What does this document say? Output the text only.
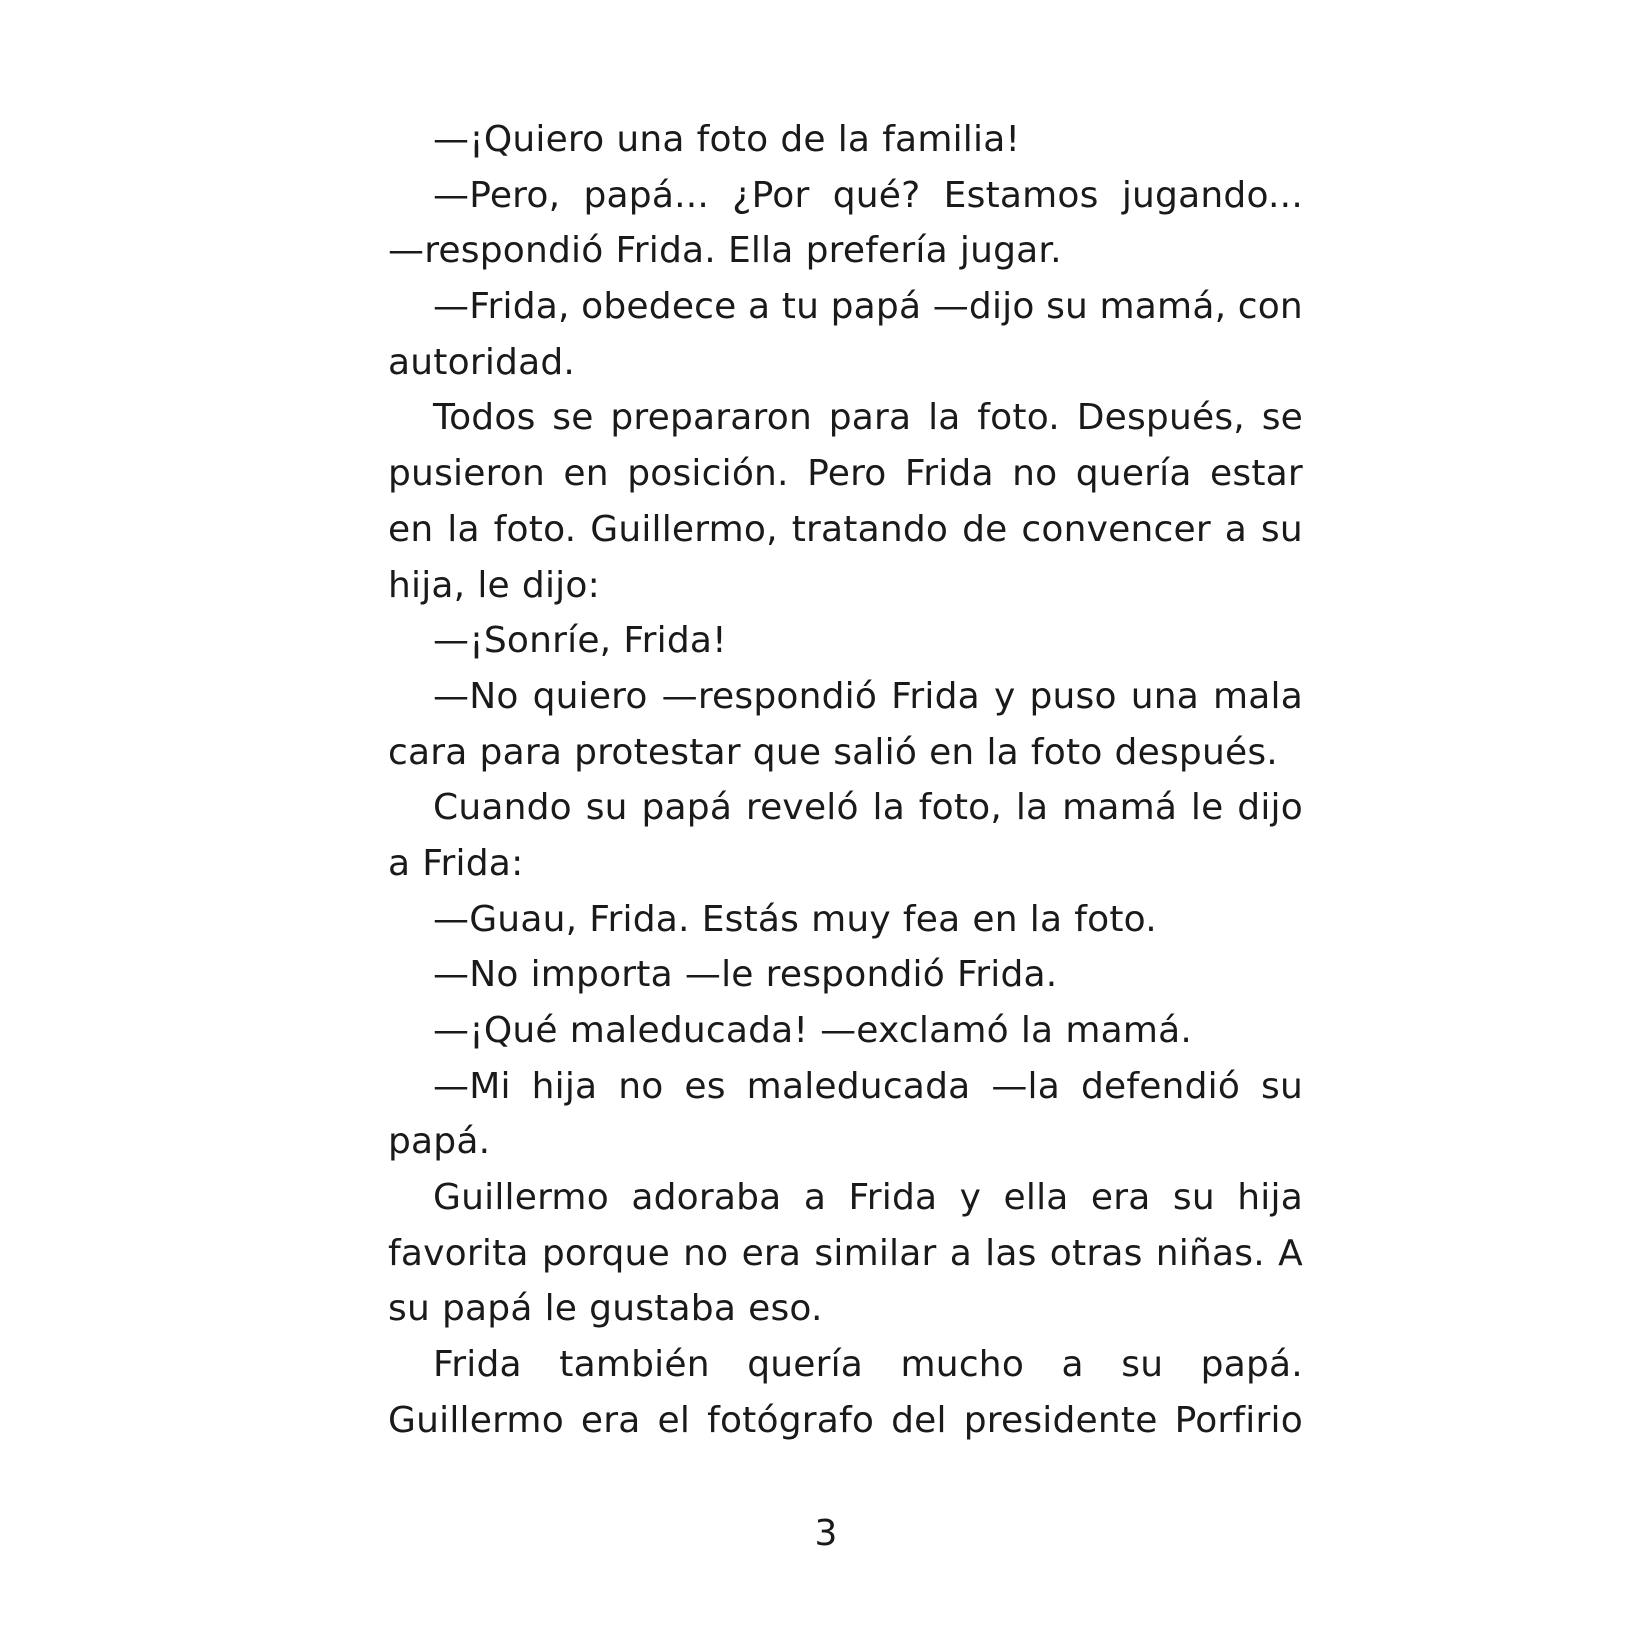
—¡Quiero una foto de la familia!
—Pero, papá... ¿Por qué? Estamos jugando...
—respondió Frida. Ella prefería jugar.
—Frida, obedece a tu papá —dijo su mamá, con
autoridad.
Todos se prepararon para la foto. Después, se
pusieron en posición. Pero Frida no quería estar
en la foto. Guillermo, tratando de convencer a su
hija, le dijo:
—¡Sonríe, Frida!
—No quiero —respondió Frida y puso una mala
cara para protestar que salió en la foto después.
Cuando su papá reveló la foto, la mamá le dijo
a Frida:
—Guau, Frida. Estás muy fea en la foto.
—No importa —le respondió Frida.
—¡Qué maleducada! —exclamó la mamá.
—Mi hija no es maleducada —la defendió su
papá.
Guillermo adoraba a Frida y ella era su hija
favorita porque no era similar a las otras niñas. A
su papá le gustaba eso.
Frida también quería mucho a su papá.
Guillermo era el fotógrafo del presidente Porfirio
3
